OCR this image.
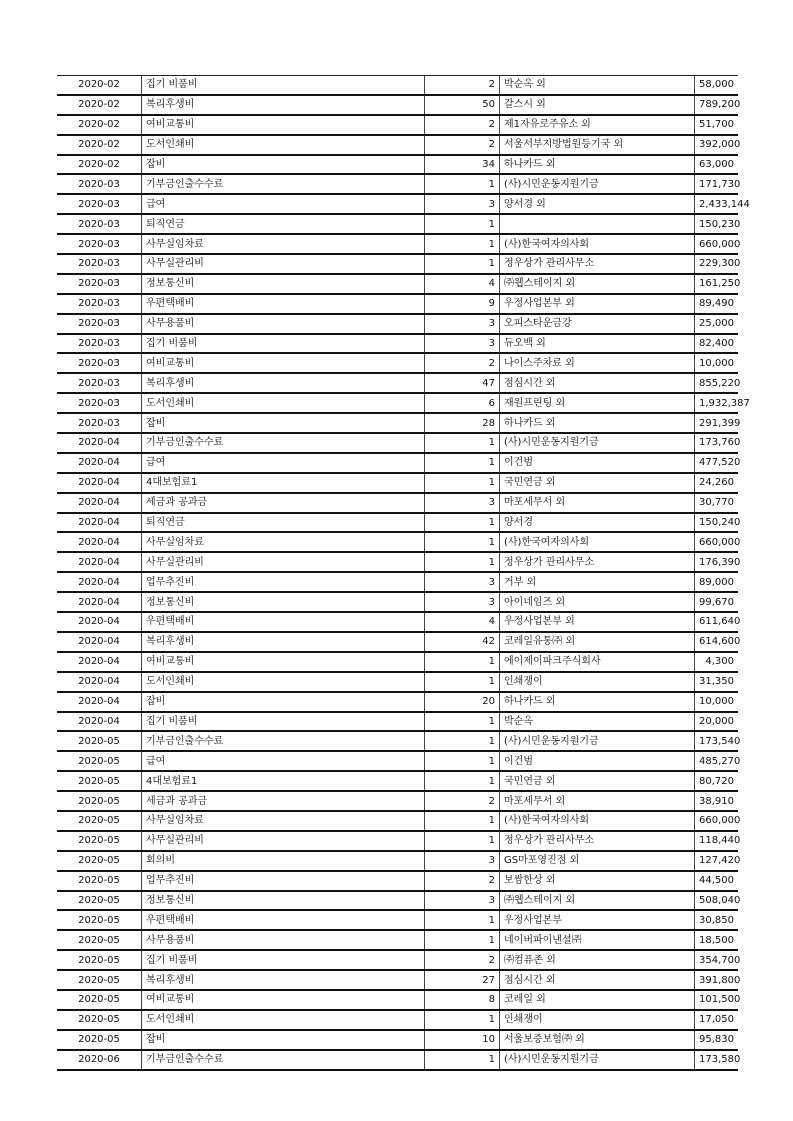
2020-02	집기 비품비	2	박순옥 외	58,000
2020-02	복리후생비	50	갈스시 외	789,200
2020-02	여비교통비	2	제1자유로주유소 외	51,700
2020-02	도서인쇄비	2	서울서부지방법원등기국 외	392,000
2020-02	잡비	34	하나카드 외	63,000
2020-03	기부금인출수수료	1	(사)시민운동지원기금	171,730
2020-03	급여	3	양서경 외	2,433,144
2020-03	퇴직연금	1		150,230
2020-03	사무실임차료	1	(사)한국여자의사회	660,000
2020-03	사무실관리비	1	정우상가 관리사무소	229,300
2020-03	정보통신비	4	㈜웹스테이지 외	161,250
2020-03	우편택배비	9	우정사업본부 외	89,490
2020-03	사무용품비	3	오피스타운금강	25,000
2020-03	집기 비품비	3	듀오백 외	82,400
2020-03	여비교통비	2	나이스주차료 외	10,000
2020-03	복리후생비	47	점심시간 외	855,220
2020-03	도서인쇄비	6	재원프린팅 외	1,932,387
2020-03	잡비	28	하나카드 외	291,399
2020-04	기부금인출수수료	1	(사)시민운동지원기금	173,760
2020-04	급여	1	이건범	477,520
2020-04	4대보험료1	1	국민연금 외	24,260
2020-04	세금과 공과금	3	마포세무서 외	30,770
2020-04	퇴직연금	1	양서경	150,240
2020-04	사무실임차료	1	(사)한국여자의사회	660,000
2020-04	사무실관리비	1	정우상가 관리사무소	176,390
2020-04	업무추진비	3	거부 외	89,000
2020-04	정보통신비	3	아이네임즈 외	99,670
2020-04	우편택배비	4	우정사업본부 외	611,640
2020-04	복리후생비	42	코레일유통㈜ 외	614,600
2020-04	여비교통비	1	에이제이파크주식회사	4,300
2020-04	도서인쇄비	1	인쇄쟁이	31,350
2020-04	잡비	20	하나카드 외	10,000
2020-04	집기 비품비	1	박순옥	20,000
2020-05	기부금인출수수료	1	(사)시민운동지원기금	173,540
2020-05	급여	1	이건범	485,270
2020-05	4대보험료1	1	국민연금 외	80,720
2020-05	세금과 공과금	2	마포세무서 외	38,910
2020-05	사무실임차료	1	(사)한국여자의사회	660,000
2020-05	사무실관리비	1	정우상가 관리사무소	118,440
2020-05	회의비	3	GS마포영진점 외	127,420
2020-05	업무추진비	2	보쌈한상 외	44,500
2020-05	정보통신비	3	㈜웹스테이지 외	508,040
2020-05	우편택배비	1	우정사업본부	30,850
2020-05	사무용품비	1	네이버파이낸셜㈜	18,500
2020-05	집기 비품비	2	㈜컴퓨존 외	354,700
2020-05	복리후생비	27	점심시간 외	391,800
2020-05	여비교통비	8	코레일 외	101,500
2020-05	도서인쇄비	1	인쇄쟁이	17,050
2020-05	잡비	10	서울보증보험㈜ 외	95,830
2020-06	기부금인출수수료	1	(사)시민운동지원기금	173,580
